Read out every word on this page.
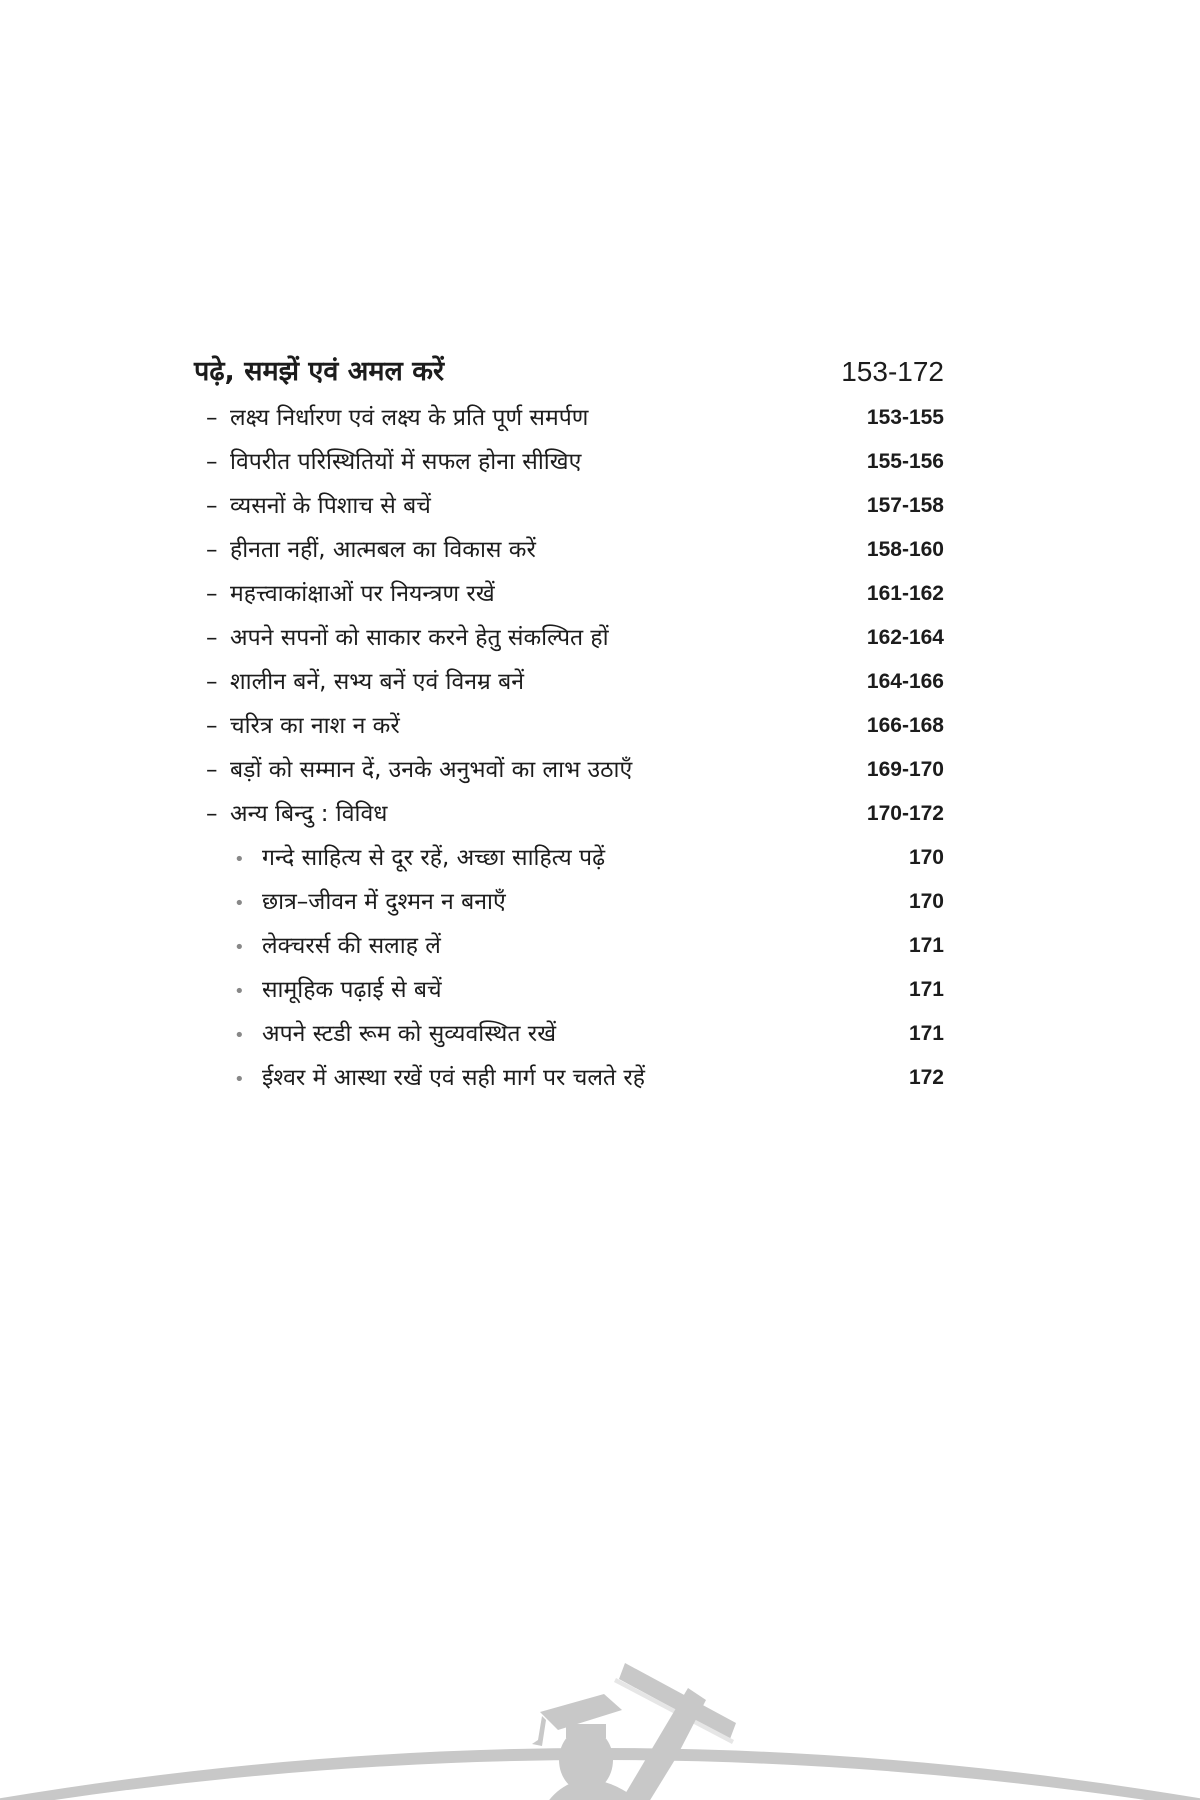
पढ़े, समझें एवं अमल करें	153-172
– लक्ष्य निर्धारण एवं लक्ष्य के प्रति पूर्ण समर्पण	153-155
– विपरीत परिस्थितियों में सफल होना सीखिए	155-156
– व्यसनों के पिशाच से बचें	157-158
– हीनता नहीं, आत्मबल का विकास करें	158-160
– महत्त्वाकांक्षाओं पर नियन्त्रण रखें	161-162
– अपने सपनों को साकार करने हेतु संकल्पित हों	162-164
– शालीन बनें, सभ्य बनें एवं विनम्र बनें	164-166
– चरित्र का नाश न करें	166-168
– बड़ों को सम्मान दें, उनके अनुभवों का लाभ उठाएँ	169-170
– अन्य बिन्दु : विविध	170-172
• गन्दे साहित्य से दूर रहें, अच्छा साहित्य पढ़ें	170
• छात्र–जीवन में दुश्मन न बनाएँ	170
• लेक्चरर्स की सलाह लें	171
• सामूहिक पढ़ाई से बचें	171
• अपने स्टडी रूम को सुव्यवस्थित रखें	171
• ईश्वर में आस्था रखें एवं सही मार्ग पर चलते रहें	172
